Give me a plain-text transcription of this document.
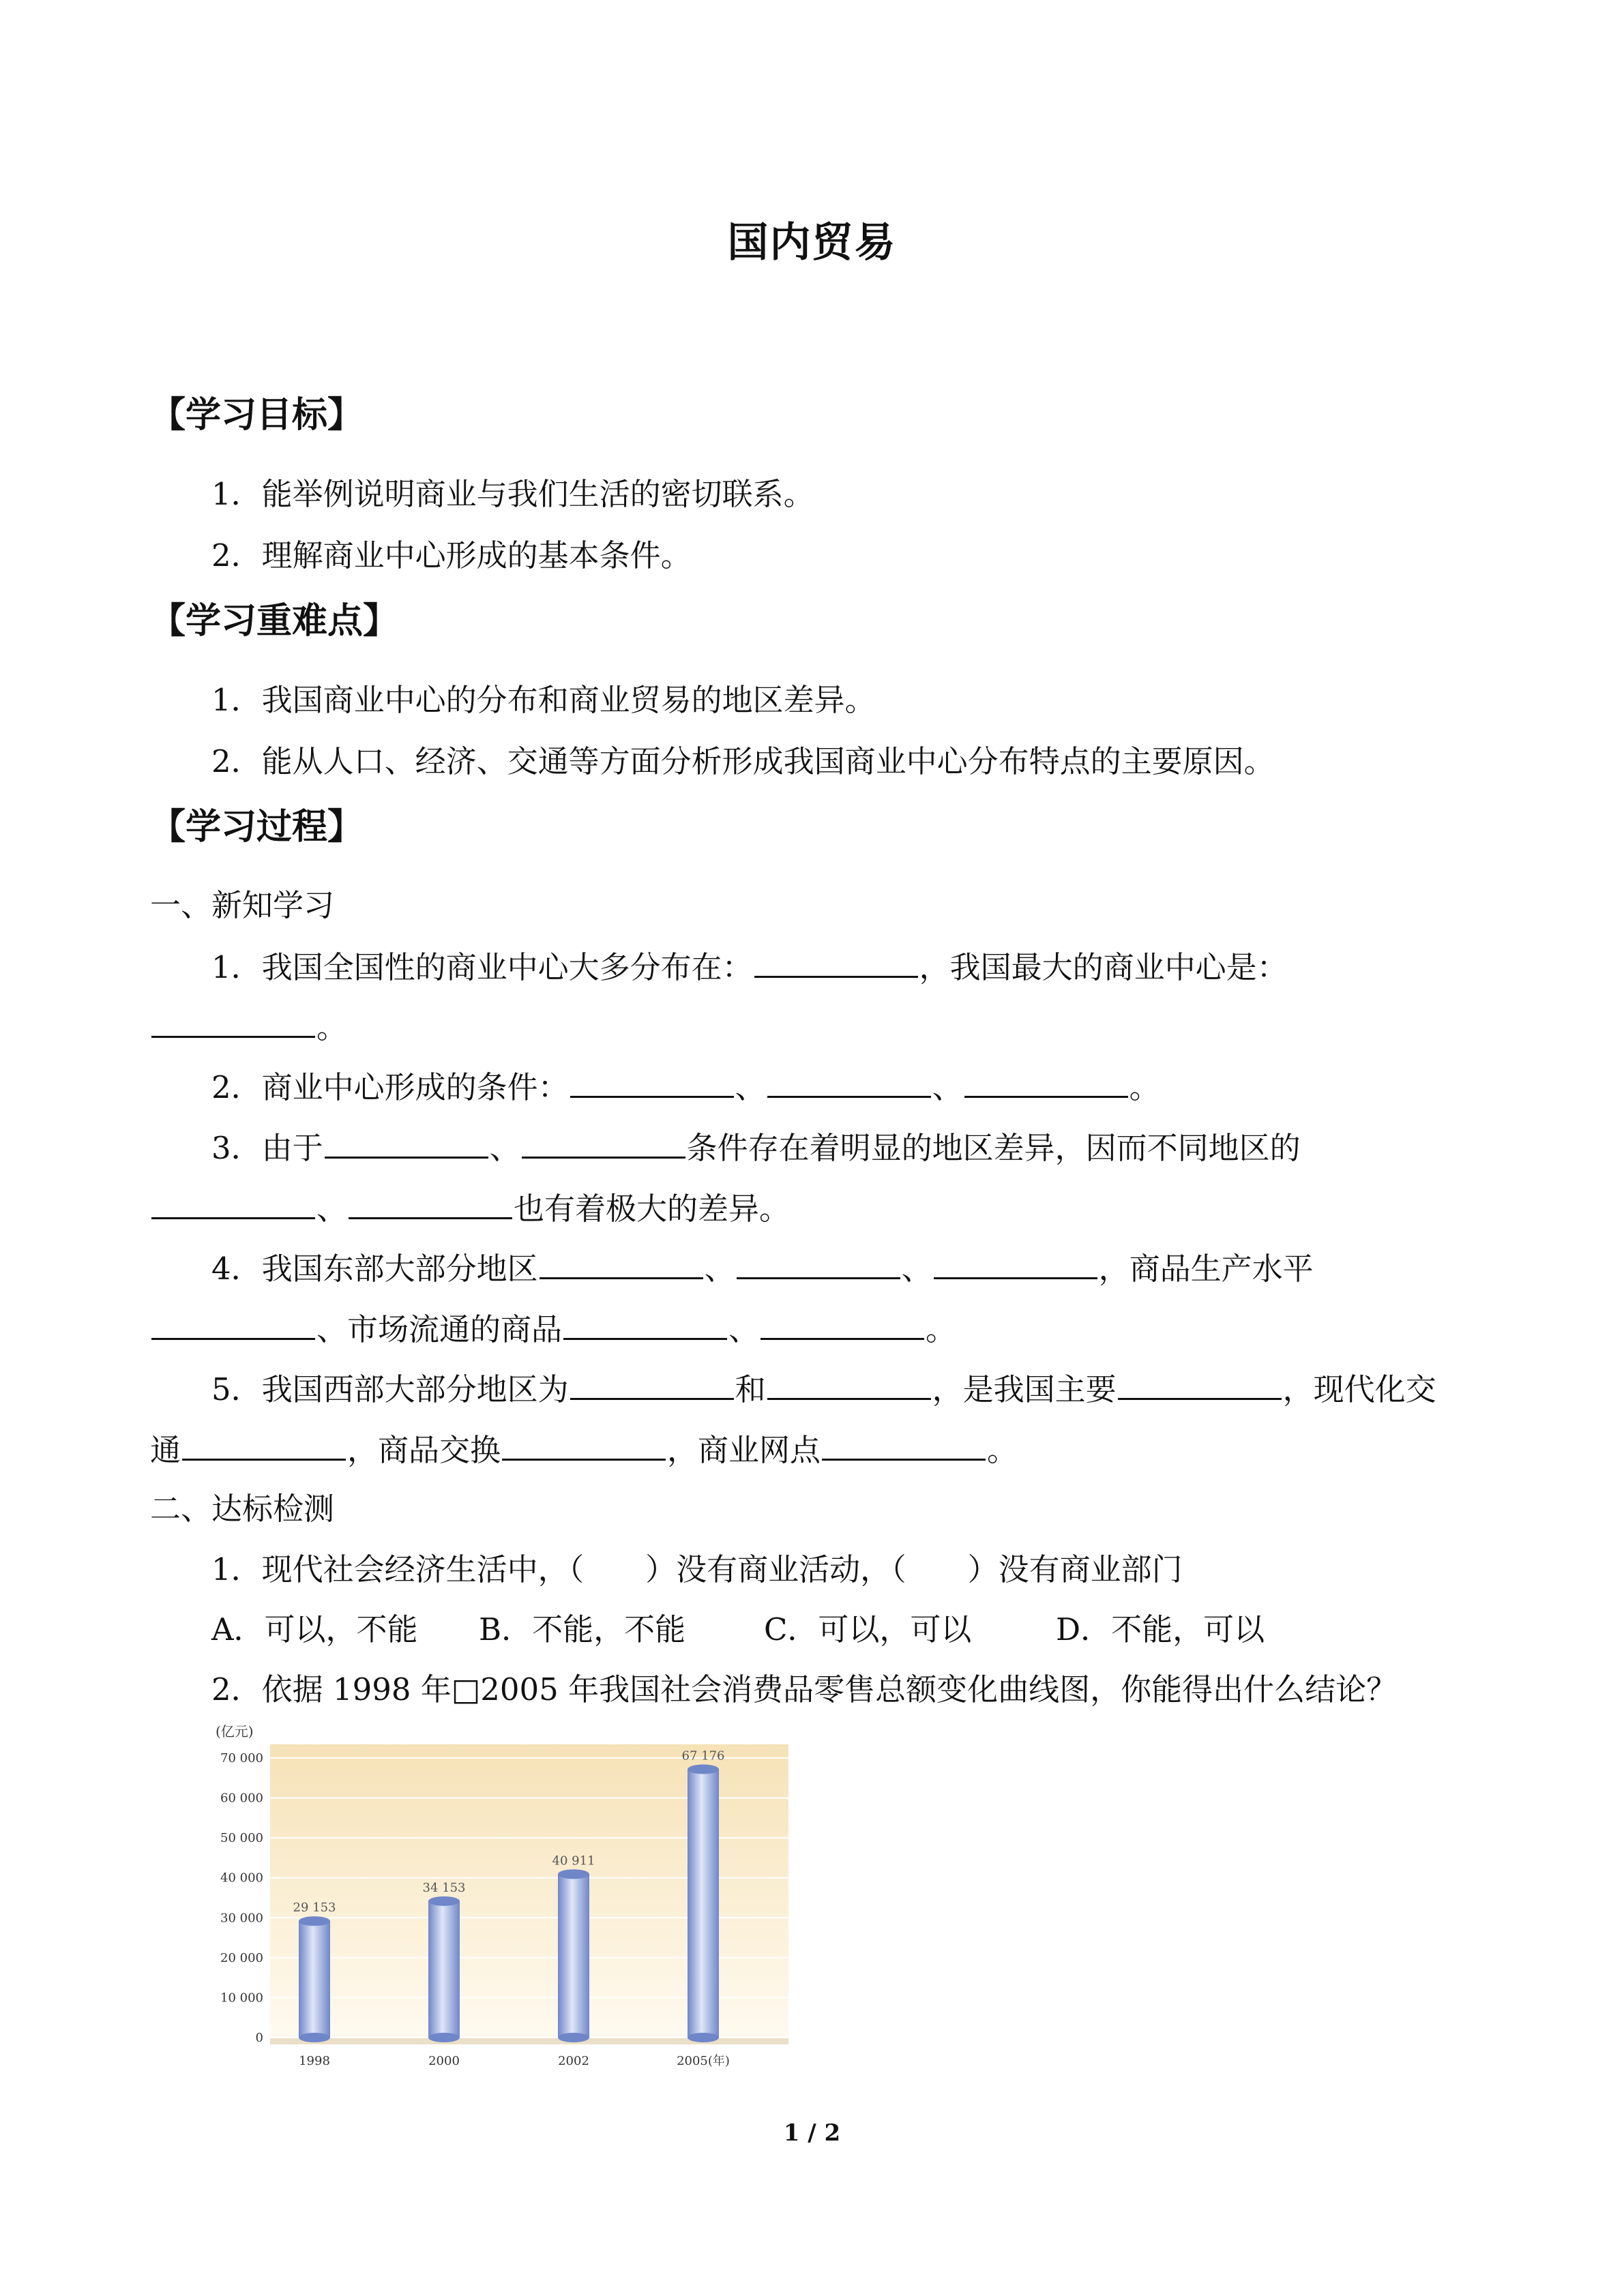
国内贸易
【学习目标】
1．能举例说明商业与我们生活的密切联系。
2．理解商业中心形成的基本条件。
【学习重难点】
1．我国商业中心的分布和商业贸易的地区差异。
2．能从人口、经济、交通等方面分析形成我国商业中心分布特点的主要原因。
【学习过程】
一、新知学习
1．我国全国性的商业中心大多分布在：	，我国最大的商业中心是：
。
2．商业中心形成的条件：	、	、	。
3．由于	、	条件存在着明显的地区差异，因而不同地区的
、	也有着极大的差异。
4．我国东部大部分地区	、	、	，商品生产水平
、市场流通的商品	、	。
5．我国西部大部分地区为	和	，是我国主要	，现代化交
通	，商品交换	，商业网点	。
二、达标检测
1．现代社会经济生活中，（　　）没有商业活动，（　　）没有商业部门
A．可以，不能 B．不能，不能	C．可以，可以	D．不能，可以
2．依据 1998 年□2005 年我国社会消费品零售总额变化曲线图，你能得出什么结论？
0
10 000
20 000
30 000
40 000
50 000
60 000
70 000
29 153
34 153
40 911
67 176
1998	2000	2002	2005(年)
(亿元)
1 / 2
